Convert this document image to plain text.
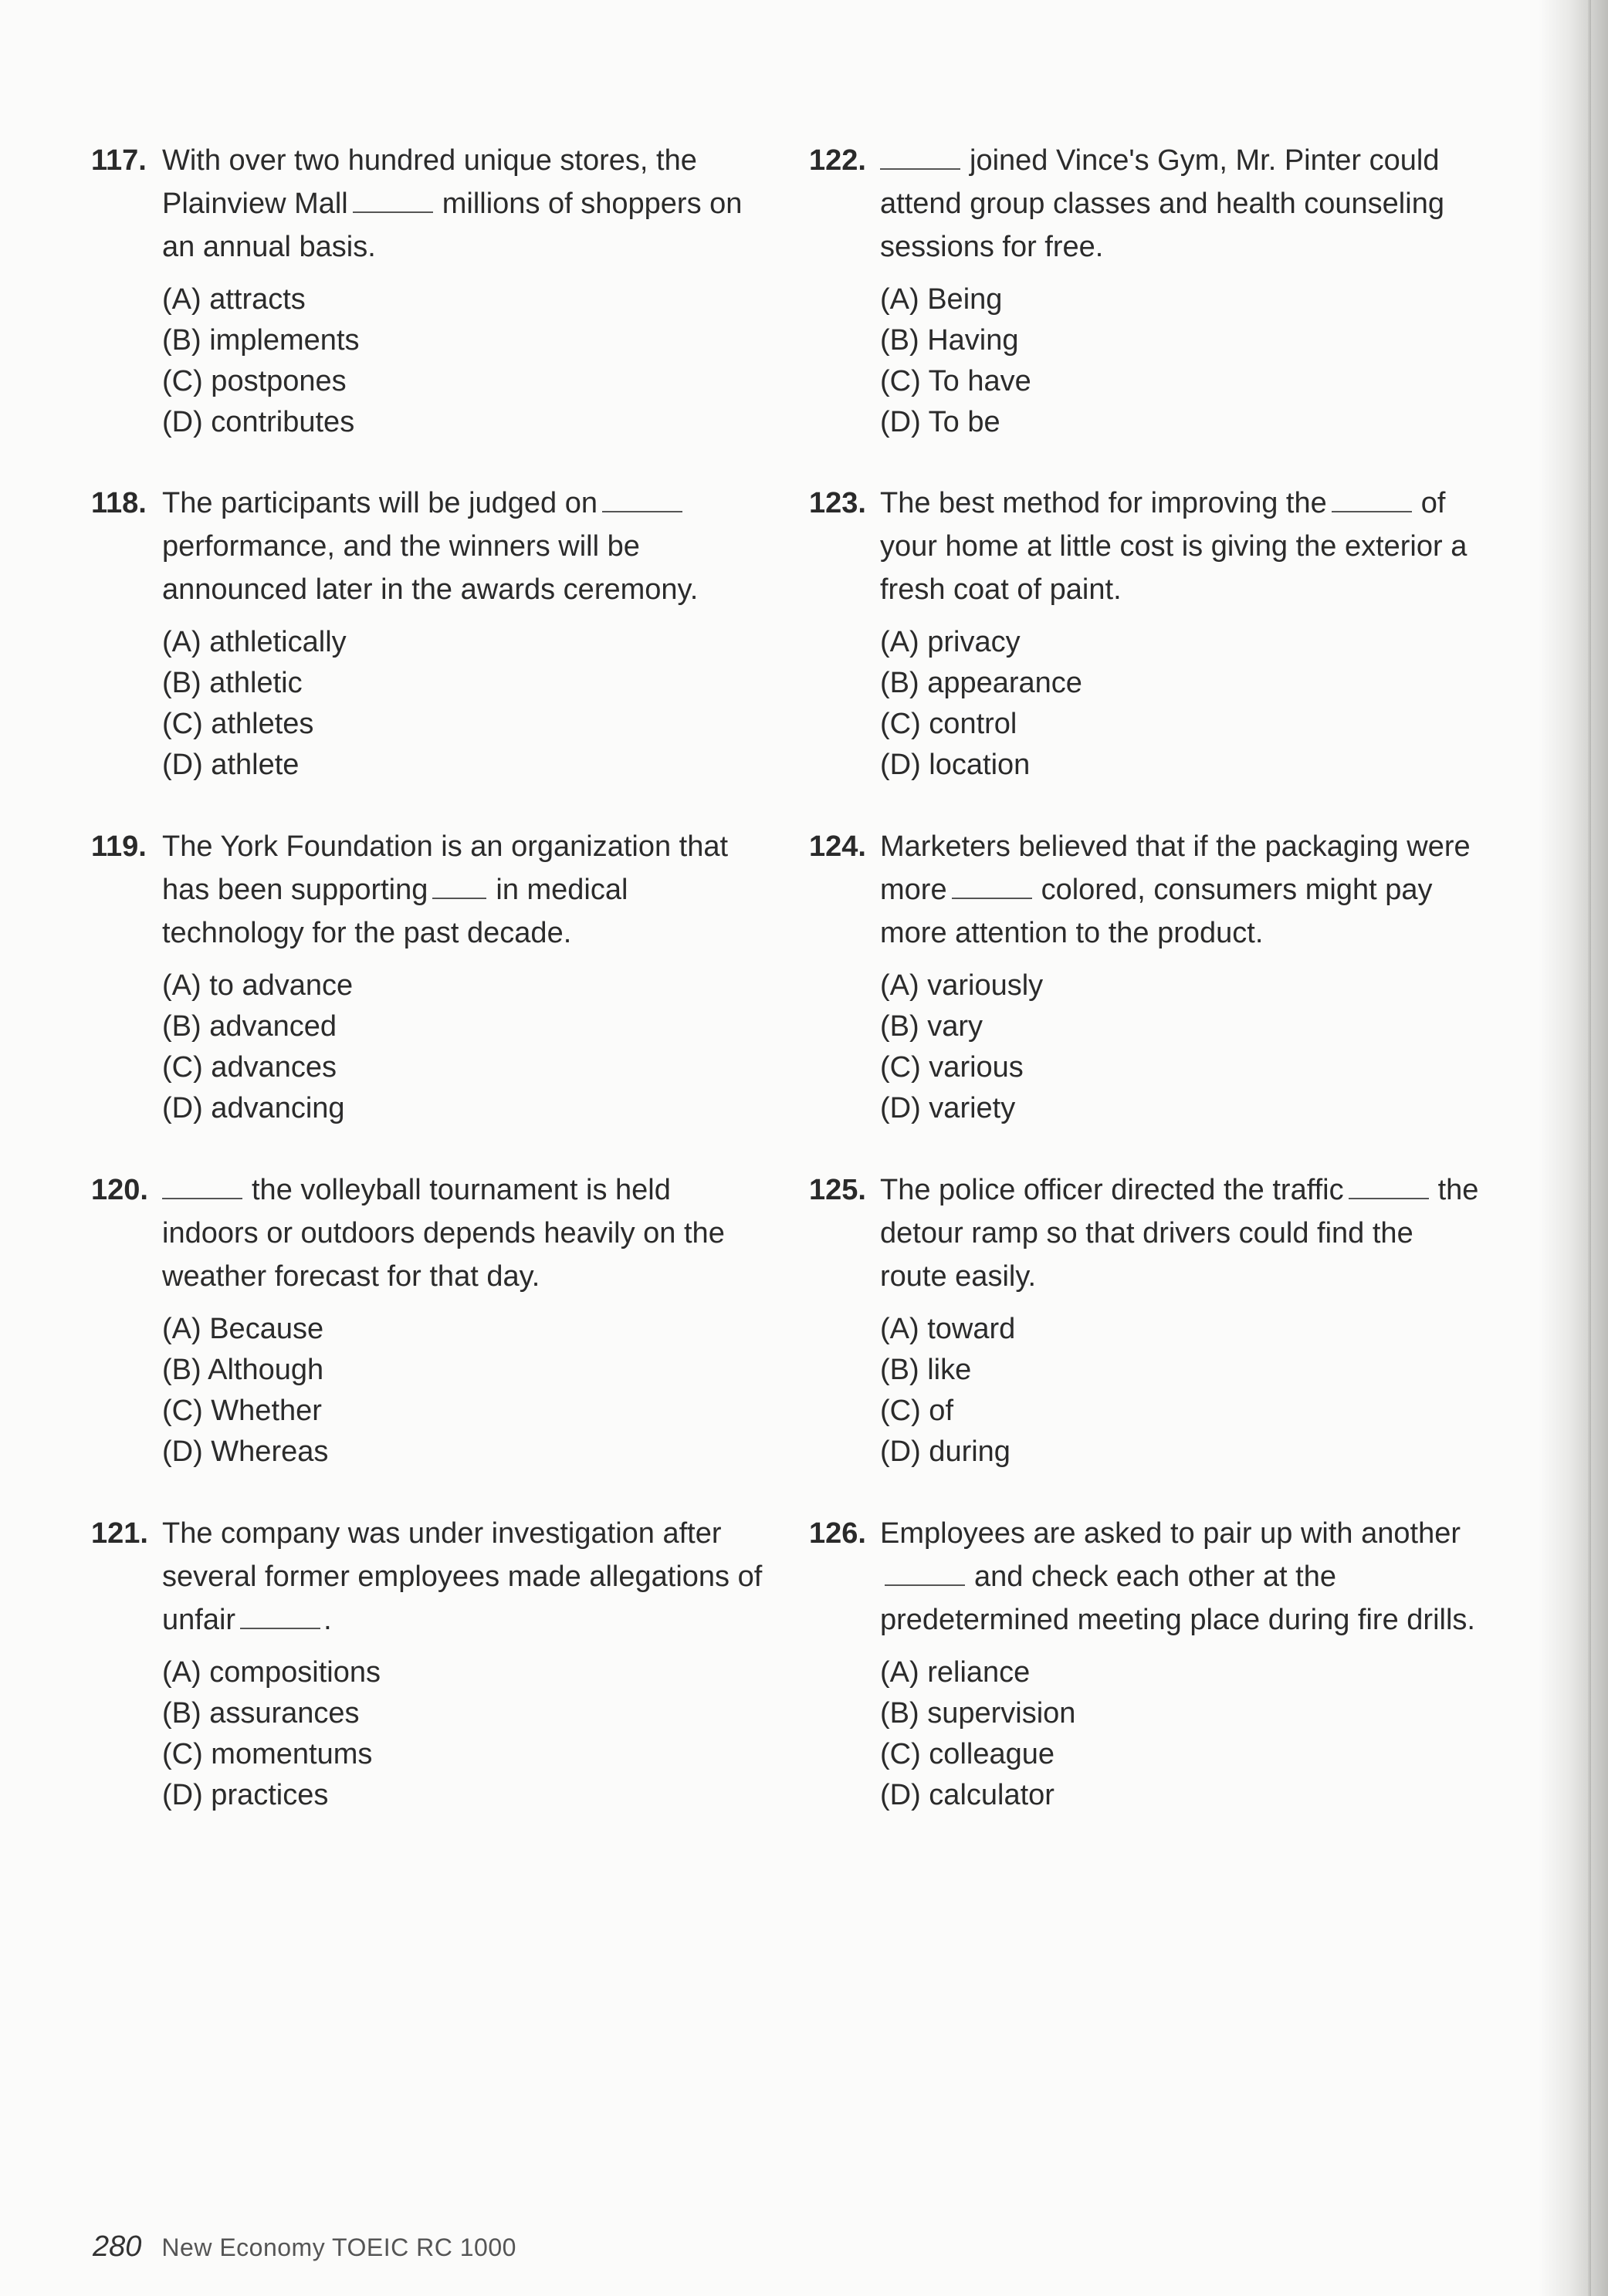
117. With over two hundred unique stores, the Plainview Mall	millions of shoppers on an annual basis.
(A) attracts
(B) implements
(C) postpones
(D) contributes
118. The participants will be judged onperformance, and the winners will be announced later in the awards ceremony.
(A) athletically
(B) athletic
(C) athletes
(D) athlete
119. The York Foundation is an organization that has been supporting in medical technology for the past decade.
(A) to advance
(B) advanced
(C) advances
(D) advancing
120.	the volleyball tournament is held indoors or outdoors depends heavily on the weather forecast for that day.
(A) Because
(B) Although
(C) Whether
(D) Whereas
121. The company was under investigation after several former employees made allegations of unfair	.
(A) compositions
(B) assurances
(C) momentums
(D) practices
122.	joined Vince's Gym, Mr. Pinter could attend group classes and health counseling sessions for free.
(A) Being
(B) Having
(C) To have
(D) To be
123. The best method for improving the	of your home at little cost is giving the exterior a fresh coat of paint.
(A) privacy
(B) appearance
(C) control
(D) location
124. Marketers believed that if the packaging were more	colored, consumers might pay more attention to the product.
(A) variously
(B) vary
(C) various
(D) variety
125. The police officer directed the traffic	the detour ramp so that drivers could find the route easily.
(A) toward
(B) like
(C) of
(D) during
126. Employees are asked to pair up with anotherand check each other at the predetermined meeting place during fire drills.
(A) reliance
(B) supervision
(C) colleague
(D) calculator
280 New Economy TOEIC RC 1000
